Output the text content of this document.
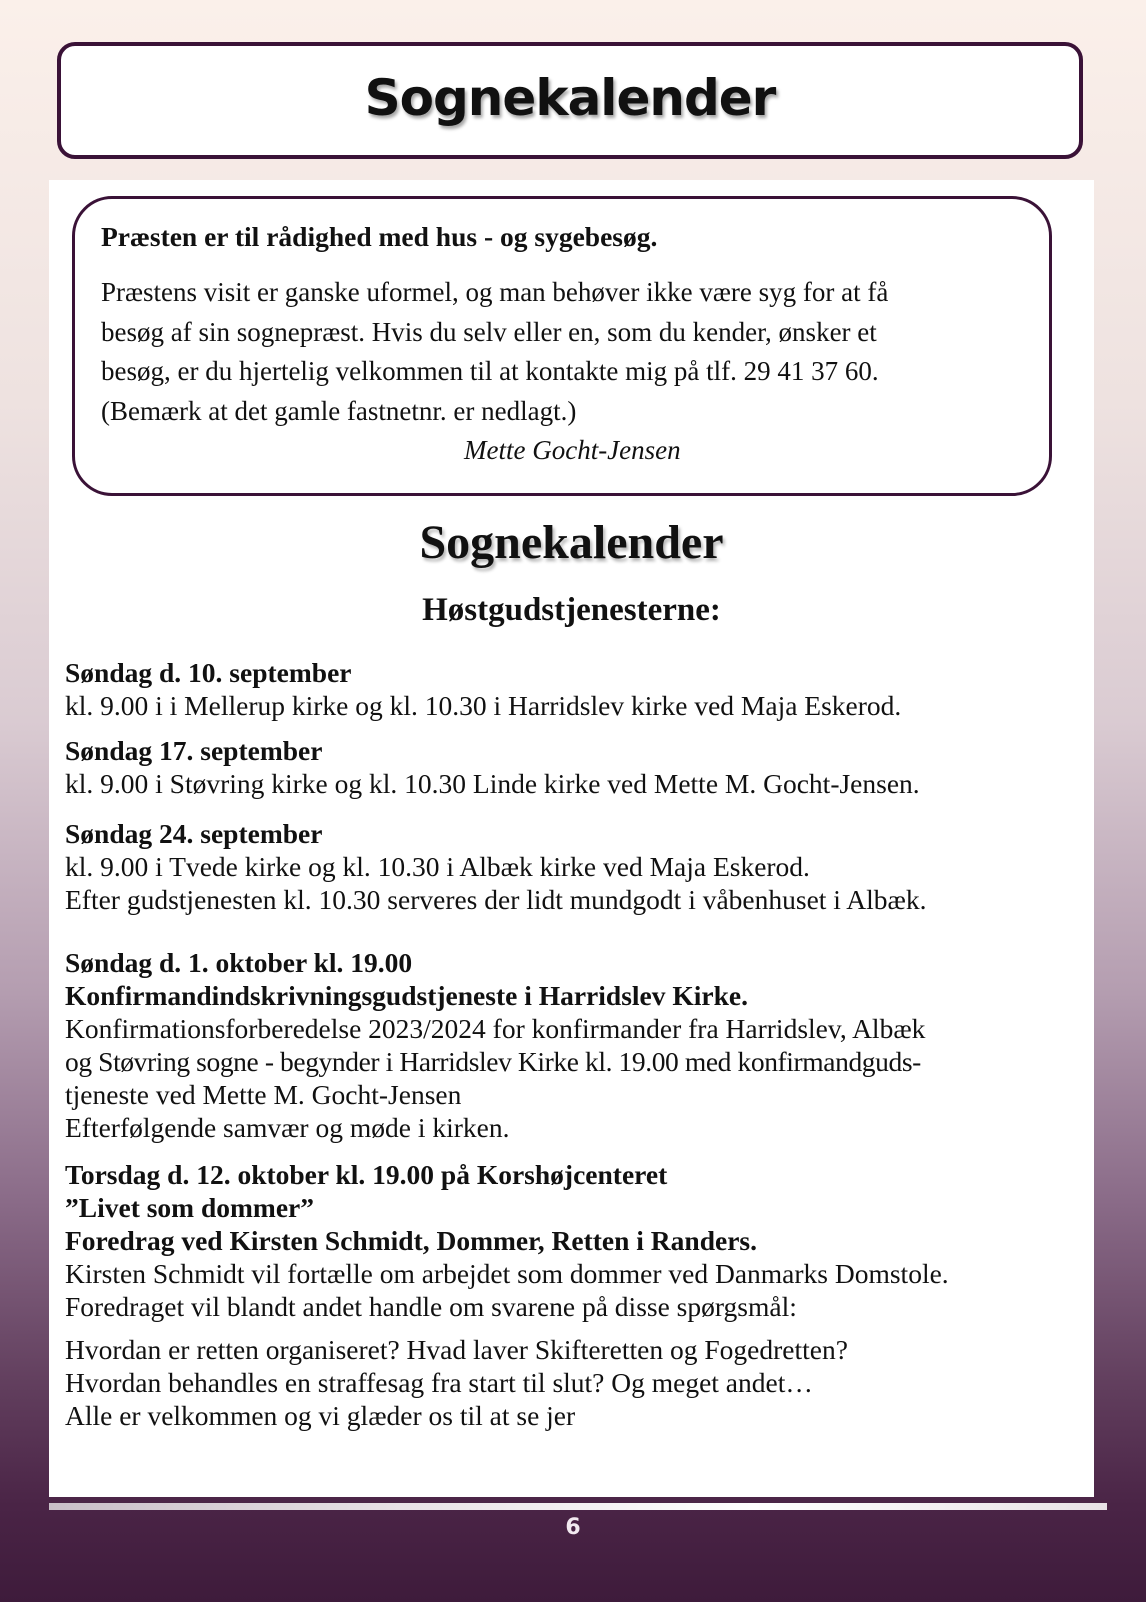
Sognekalender

Præsten er til rådighed med hus - og sygebesøg.

Præstens visit er ganske uformel, og man behøver ikke være syg for at få

besøg af sin sognepræst. Hvis du selv eller en, som du kender, ønsker et

besøg, er du hjertelig velkommen til at kontakte mig på tlf. 29 41 37 60.

(Bemærk at det gamle fastnetnr. er nedlagt.)

Mette Gocht-Jensen

Sognekalender
Høstgudstjenesterne:

Søndag d. 10. september

kl. 9.00 i i Mellerup kirke og kl. 10.30 i Harridslev kirke ved Maja Eskerod.

Søndag 17. september

kl. 9.00 i Støvring kirke og kl. 10.30 Linde kirke ved Mette M. Gocht-Jensen.

Søndag 24. september

kl. 9.00 i Tvede kirke og kl. 10.30 i Albæk kirke ved Maja Eskerod.

Efter gudstjenesten kl. 10.30 serveres der lidt mundgodt i våbenhuset i Albæk.

Søndag d. 1. oktober kl. 19.00

Konfirmandindskrivningsgudstjeneste i Harridslev Kirke.

Konfirmationsforberedelse 2023/2024 for konfirmander fra Harridslev, Albæk

og Støvring sogne - begynder i Harridslev Kirke kl. 19.00 med konfirmandguds-

tjeneste ved Mette M. Gocht-Jensen

Efterfølgende samvær og møde i kirken.

Torsdag d. 12. oktober kl. 19.00 på Korshøjcenteret

”Livet som dommer”

Foredrag ved Kirsten Schmidt, Dommer, Retten i Randers.

Kirsten Schmidt vil fortælle om arbejdet som dommer ved Danmarks Domstole.

Foredraget vil blandt andet handle om svarene på disse spørgsmål:

Hvordan er retten organiseret? Hvad laver Skifteretten og Fogedretten?

Hvordan behandles en straffesag fra start til slut? Og meget andet…

Alle er velkommen og vi glæder os til at se jer

6
